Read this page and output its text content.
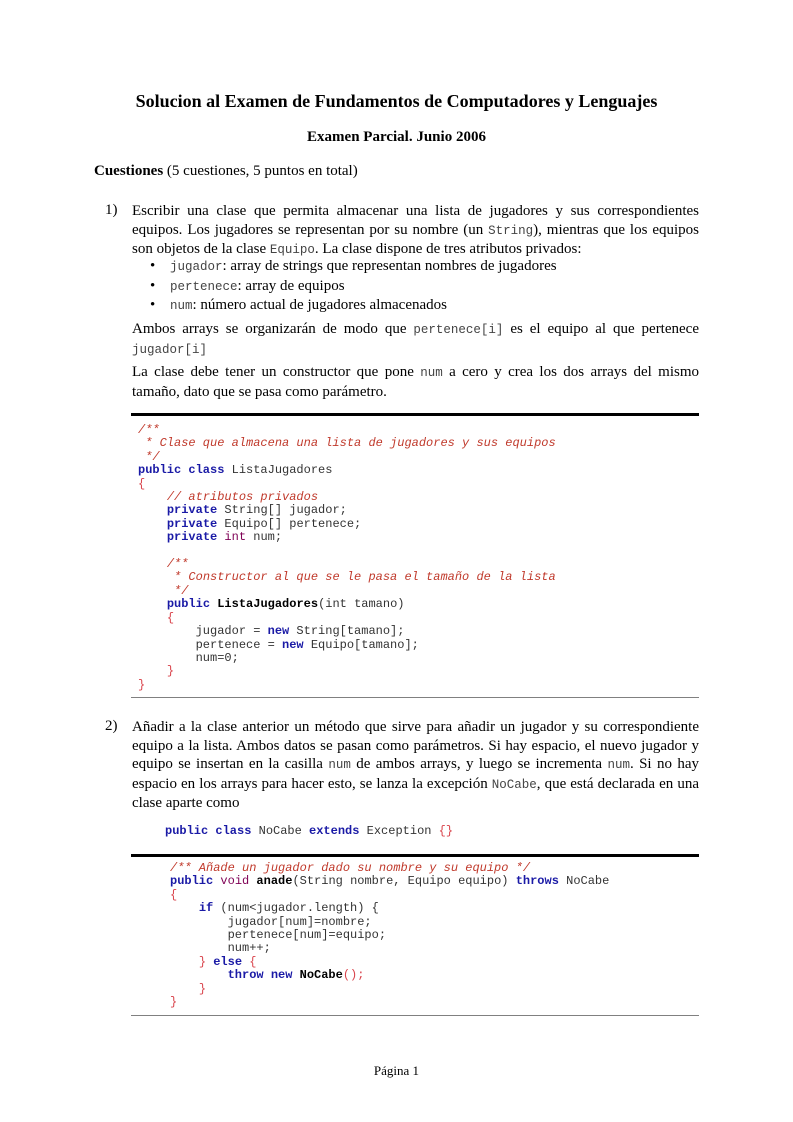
Solucion al Examen de Fundamentos de Computadores y Lenguajes
Examen Parcial. Junio 2006
Cuestiones (5 cuestiones, 5 puntos en total)
1) Escribir una clase que permita almacenar una lista de jugadores y sus correspondientes equipos. Los jugadores se representan por su nombre (un String), mientras que los equipos son objetos de la clase Equipo. La clase dispone de tres atributos privados:
• jugador: array de strings que representan nombres de jugadores
• pertenece: array de equipos
• num: número actual de jugadores almacenados
Ambos arrays se organizarán de modo que pertenece[i] es el equipo al que pertenece jugador[i]
La clase debe tener un constructor que pone num a cero y crea los dos arrays del mismo tamaño, dato que se pasa como parámetro.
/**
* Clase que almacena una lista de jugadores y sus equipos
*/
public class ListaJugadores
{
// atributos privados
private String[] jugador;
private Equipo[] pertenece;
private int num;

/**
* Constructor al que se le pasa el tamaño de la lista
*/
public ListaJugadores(int tamano)
{
jugador = new String[tamano];
pertenece = new Equipo[tamano];
num=0;
}
}
2) Añadir a la clase anterior un método que sirve para añadir un jugador y su correspondiente equipo a la lista. Ambos datos se pasan como parámetros. Si hay espacio, el nuevo jugador y equipo se insertan en la casilla num de ambos arrays, y luego se incrementa num. Si no hay espacio en los arrays para hacer esto, se lanza la excepción NoCabe, que está declarada en una clase aparte como
public class NoCabe extends Exception {}
/** Añade un jugador dado su nombre y su equipo */
public void anade(String nombre, Equipo equipo) throws NoCabe
{
if (num<jugador.length) {
jugador[num]=nombre;
pertenece[num]=equipo;
num++;
} else {
throw new NoCabe();
}
}
Página 1
